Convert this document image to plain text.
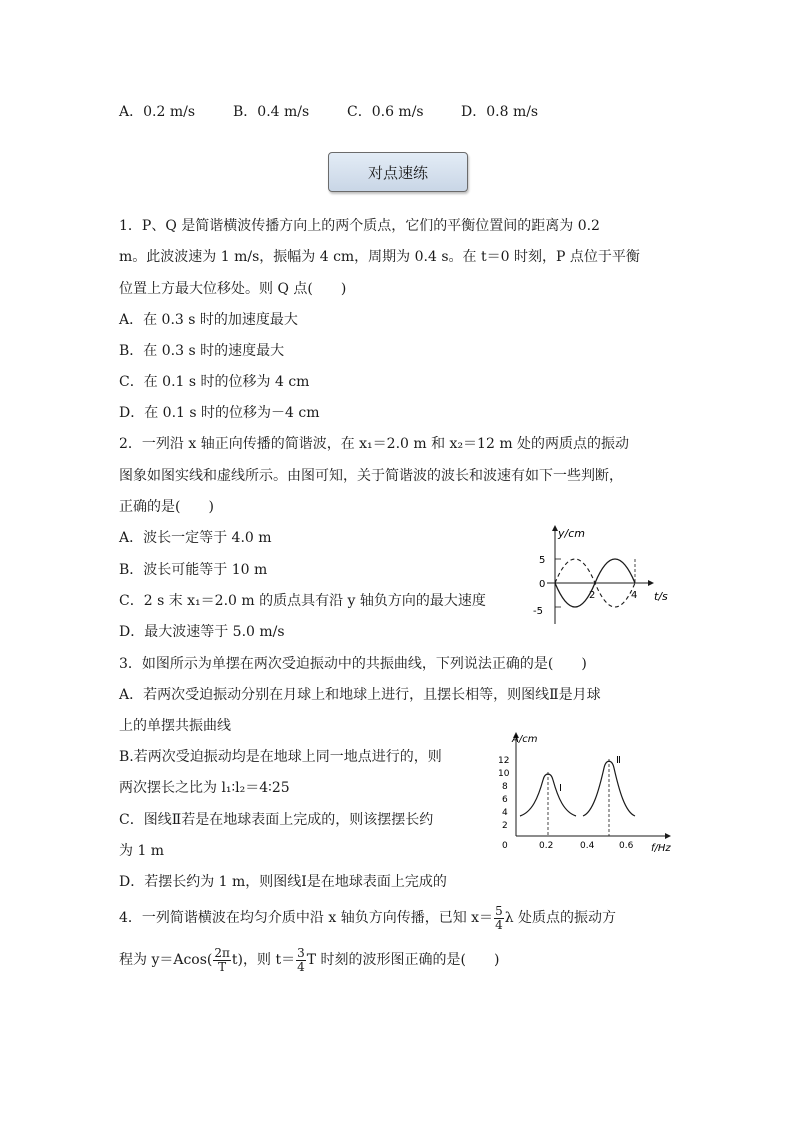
A．0.2 m/s	B．0.4 m/s	C．0.6 m/s	D．0.8 m/s
对点速练
1．P、Q 是简谐横波传播方向上的两个质点，它们的平衡位置间的距离为 0.2
m。此波波速为 1 m/s，振幅为 4 cm，周期为 0.4 s。在 t＝0 时刻，P 点位于平衡
位置上方最大位移处。则 Q 点(　　)
A．在 0.3 s 时的加速度最大
B．在 0.3 s 时的速度最大
C．在 0.1 s 时的位移为 4 cm
D．在 0.1 s 时的位移为－4 cm
2．一列沿 x 轴正向传播的简谐波，在 x₁＝2.0 m 和 x₂＝12 m 处的两质点的振动
图象如图实线和虚线所示。由图可知，关于简谐波的波长和波速有如下一些判断，
正确的是(　　)
A．波长一定等于 4.0 m
B．波长可能等于 10 m
C．2 s 末 x₁＝2.0 m 的质点具有沿 y 轴负方向的最大速度
D．最大波速等于 5.0 m/s
y/cm
t/s
5
0
-5
2	4
3．如图所示为单摆在两次受迫振动中的共振曲线，下列说法正确的是(　　)
A．若两次受迫振动分别在月球上和地球上进行，且摆长相等，则图线Ⅱ是月球
上的单摆共振曲线
B.若两次受迫振动均是在地球上同一地点进行的，则
两次摆长之比为 l₁∶l₂＝4∶25
C．图线Ⅱ若是在地球表面上完成的，则该摆摆长约
为 1 m
D．若摆长约为 1 m，则图线Ⅰ是在地球表面上完成的
A/cm
f/Hz
12
10
8
6
4
2
0	0.2	0.4	0.6
Ⅰ
Ⅱ
4．一列简谐横波在均匀介质中沿 x 轴负方向传播，已知 $x= \frac{5}{4}$ λ 处质点的振动方
程为 $y=Acos( \frac{2\pi}{T} t)$，则 $t= \frac{3}{4}$ T 时刻的波形图正确的是(　　)
